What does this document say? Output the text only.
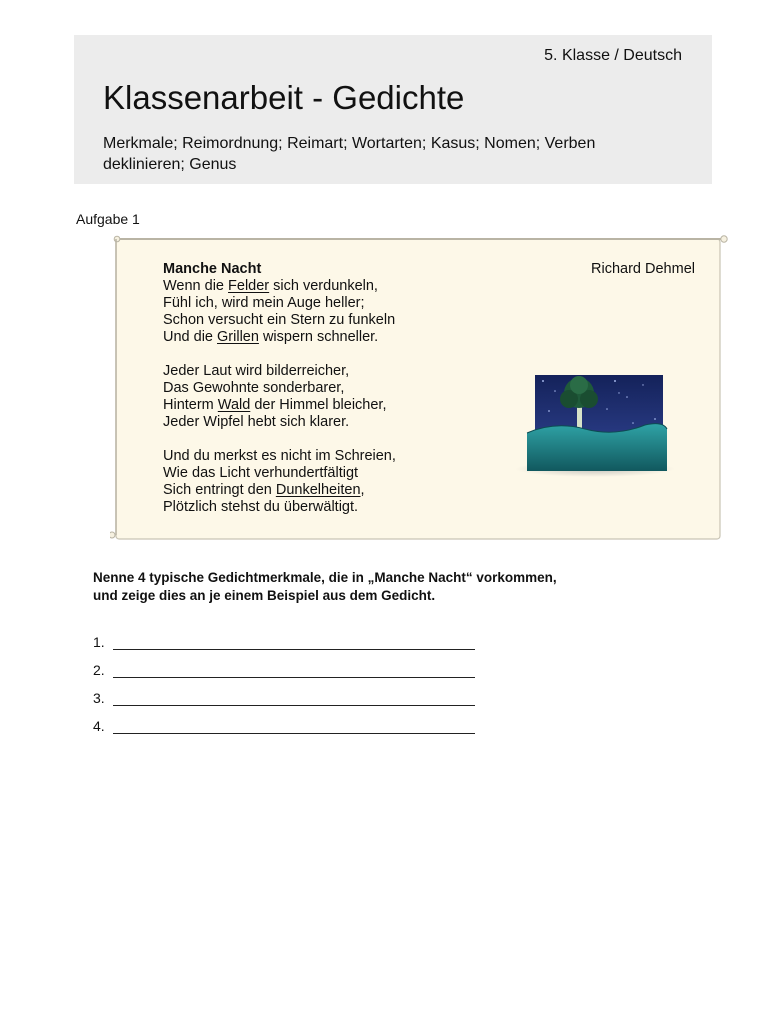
5. Klasse / Deutsch
Klassenarbeit - Gedichte
Merkmale; Reimordnung; Reimart; Wortarten; Kasus; Nomen; Verben deklinieren; Genus
Aufgabe 1
Manche Nacht
Wenn die Felder sich verdunkeln,
Fühl ich, wird mein Auge heller;
Schon versucht ein Stern zu funkeln
Und die Grillen wispern schneller.
Jeder Laut wird bilderreicher,
Das Gewohnte sonderbarer,
Hinterm Wald der Himmel bleicher,
Jeder Wipfel hebt sich klarer.
Und du merkst es nicht im Schreien,
Wie das Licht verhundertfältigt
Sich entringt den Dunkelheiten,
Plötzlich stehst du überwältigt.
Richard Dehmel
Nenne 4 typische Gedichtmerkmale, die in „Manche Nacht“ vorkommen,
und zeige dies an je einem Beispiel aus dem Gedicht.
1.
2.
3.
4.
